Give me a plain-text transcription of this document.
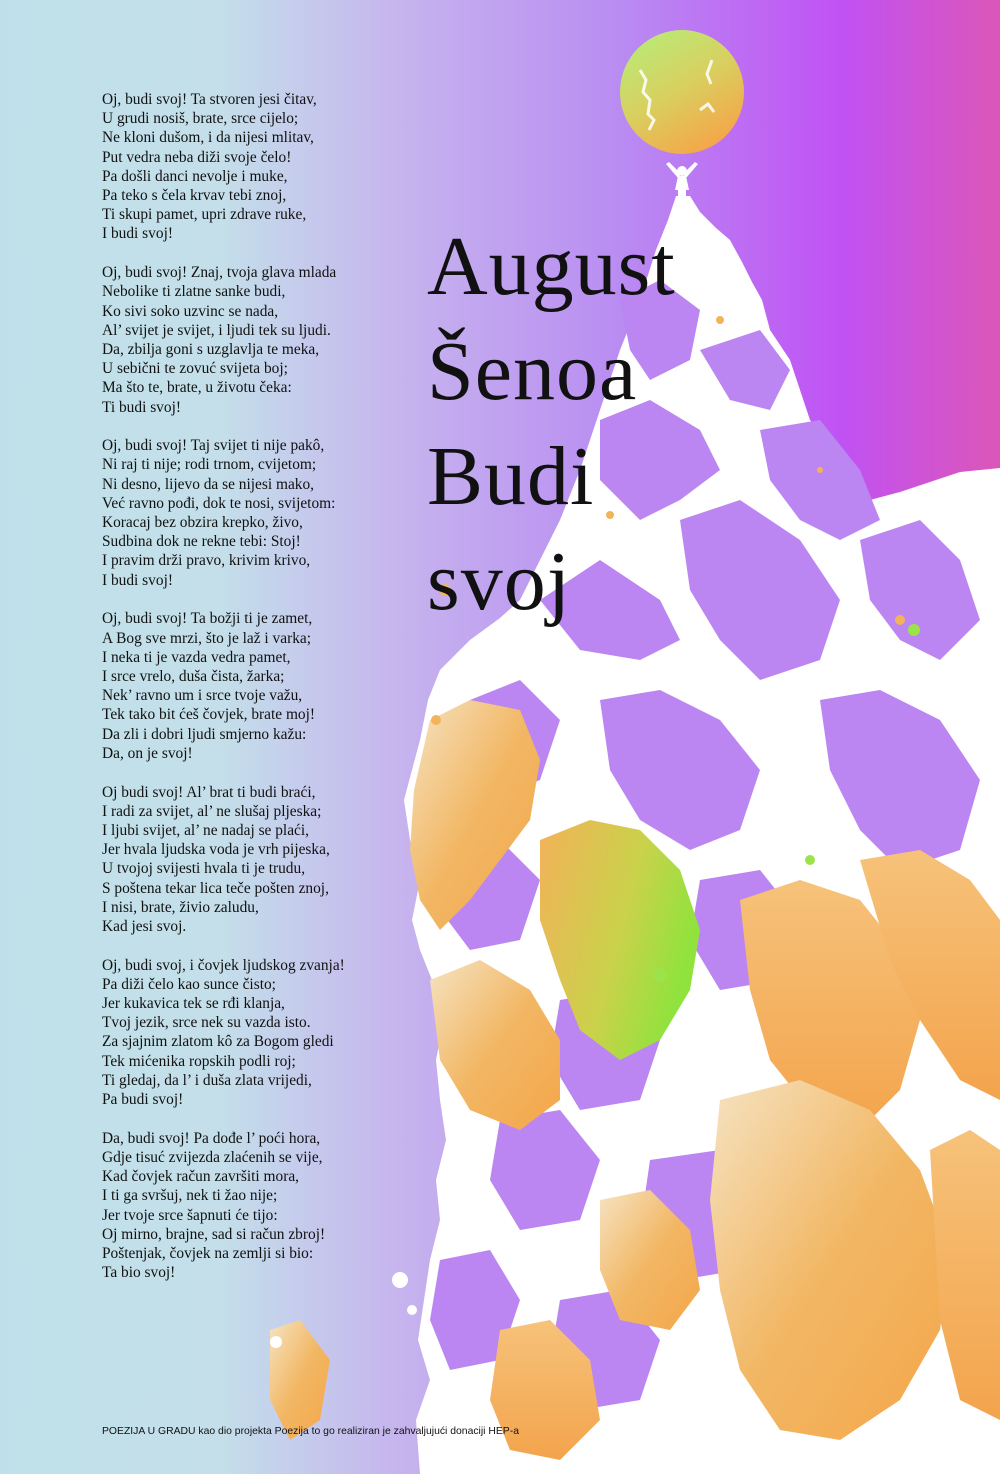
Oj, budi svoj! Ta stvoren jesi čitav,
U grudi nosiš, brate, srce cijelo;
Ne kloni dušom, i da nijesi mlitav,
Put vedra neba diži svoje čelo!
Pa došli danci nevolje i muke,
Pa teko s čela krvav tebi znoj,
Ti skupi pamet, upri zdrave ruke,
I budi svoj!
Oj, budi svoj! Znaj, tvoja glava mlada
Nebolike ti zlatne sanke budi,
Ko sivi soko uzvinc se nada,
Al’ svijet je svijet, i ljudi tek su ljudi.
Da, zbilja goni s uzglavlja te meka,
U sebični te zovuć svijeta boj;
Ma što te, brate, u životu čeka:
Ti budi svoj!
Oj, budi svoj! Taj svijet ti nije pakô,
Ni raj ti nije; rodi trnom, cvijetom;
Ni desno, lijevo da se nijesi mako,
Već ravno pođi, dok te nosi, svijetom:
Koracaj bez obzira krepko, živo,
Sudbina dok ne rekne tebi: Stoj!
I pravim drži pravo, krivim krivo,
I budi svoj!
Oj, budi svoj! Ta božji ti je zamet,
A Bog sve mrzi, što je laž i varka;
I neka ti je vazda vedra pamet,
I srce vrelo, duša čista, žarka;
Nek’ ravno um i srce tvoje važu,
Tek tako bit ćeš čovjek, brate moj!
Da zli i dobri ljudi smjerno kažu:
Da, on je svoj!
Oj budi svoj! Al’ brat ti budi braći,
I radi za svijet, al’ ne slušaj pljeska;
I ljubi svijet, al’ ne nadaj se plaći,
Jer hvala ljudska voda je vrh pijeska,
U tvojoj svijesti hvala ti je trudu,
S poštena tekar lica teče pošten znoj,
I nisi, brate, živio zaludu,
Kad jesi svoj.
Oj, budi svoj, i čovjek ljudskog zvanja!
Pa diži čelo kao sunce čisto;
Jer kukavica tek se rđi klanja,
Tvoj jezik, srce nek su vazda isto.
Za sjajnim zlatom kô za Bogom gledi
Tek mićenika ropskih podli roj;
Ti gledaj, da l’ i duša zlata vrijedi,
Pa budi svoj!
Da, budi svoj! Pa dođe l’ poći hora,
Gdje tisuć zvijezda zlaćenih se vije,
Kad čovjek račun završiti mora,
I ti ga svršuj, nek ti žao nije;
Jer tvoje srce šapnuti će tijo:
Oj mirno, brajne, sad si račun zbroj!
Poštenjak, čovjek na zemlji si bio:
Ta bio svoj!
August
Šenoa
Budi
svoj
POEZIJA U GRADU kao dio projekta Poezija to go realiziran je zahvaljujući donaciji HEP-a
